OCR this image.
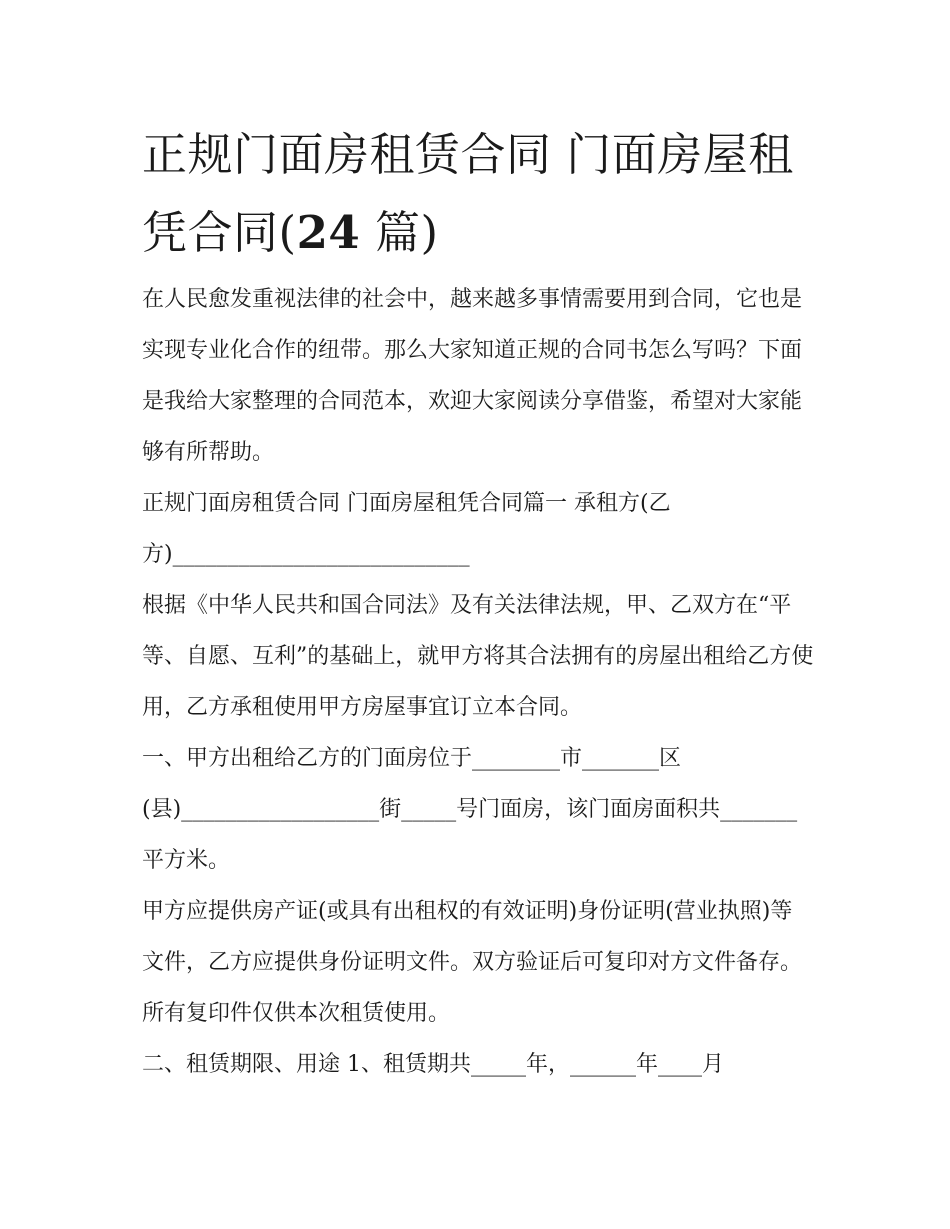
正规门面房租赁合同 门面房屋租凭合同(24 篇)

在人民愈发重视法律的社会中，越来越多事情需要用到合同，它也是实现专业化合作的纽带。那么大家知道正规的合同书怎么写吗？下面是我给大家整理的合同范本，欢迎大家阅读分享借鉴，希望对大家能够有所帮助。

正规门面房租赁合同 门面房屋租凭合同篇一 承租方(乙方)___________________________

根据《中华人民共和国合同法》及有关法律法规，甲、乙双方在“平等、自愿、互利”的基础上，就甲方将其合法拥有的房屋出租给乙方使用，乙方承租使用甲方房屋事宜订立本合同。

一、甲方出租给乙方的门面房位于________市_______区(县)__________________街_____号门面房，该门面房面积共_______平方米。

甲方应提供房产证(或具有出租权的有效证明)身份证明(营业执照)等文件，乙方应提供身份证明文件。双方验证后可复印对方文件备存。所有复印件仅供本次租赁使用。

二、租赁期限、用途 1、租赁期共_____年，______年____月
